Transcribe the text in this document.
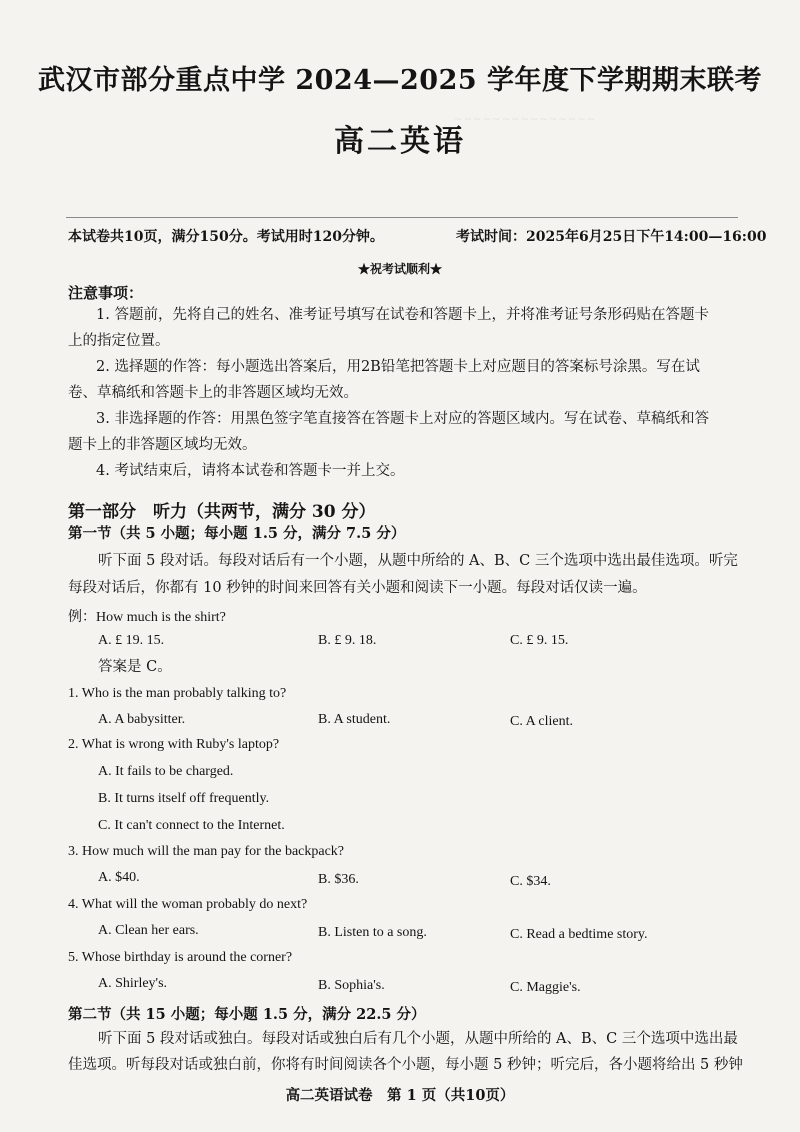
~ ~ ~ ~ ~ ~ ~ ~ ~ ~ ~ ~ ~ ~ ~
武汉市部分重点中学 2024—2025 学年度下学期期末联考
高二英语
本试卷共10页，满分150分。考试用时120分钟。	考试时间：2025年6月25日下午14:00—16:00
★祝考试顺利★
注意事项：
1. 答题前，先将自己的姓名、准考证号填写在试卷和答题卡上，并将准考证号条形码贴在答题卡
上的指定位置。
2. 选择题的作答：每小题选出答案后，用2B铅笔把答题卡上对应题目的答案标号涂黑。写在试
卷、草稿纸和答题卡上的非答题区域均无效。
3. 非选择题的作答：用黑色签字笔直接答在答题卡上对应的答题区域内。写在试卷、草稿纸和答
题卡上的非答题区域均无效。
4. 考试结束后，请将本试卷和答题卡一并上交。
第一部分　听力（共两节，满分 30 分）
第一节（共 5 小题；每小题 1.5 分，满分 7.5 分）
听下面 5 段对话。每段对话后有一个小题，从题中所给的 A、B、C 三个选项中选出最佳选项。听完
每段对话后，你都有 10 秒钟的时间来回答有关小题和阅读下一小题。每段对话仅读一遍。
例：How much is the shirt?
A. £ 19. 15.	B. £ 9. 18.	C. £ 9. 15.
答案是 C。
1. Who is the man probably talking to?
A. A babysitter.	B. A student.	C. A client.
2. What is wrong with Ruby's laptop?
A. It fails to be charged.
B. It turns itself off frequently.
C. It can't connect to the Internet.
3. How much will the man pay for the backpack?
A. $40.	B. $36.	C. $34.
4. What will the woman probably do next?
A. Clean her ears.	B. Listen to a song.	C. Read a bedtime story.
5. Whose birthday is around the corner?
A. Shirley's.	B. Sophia's.	C. Maggie's.
第二节（共 15 小题；每小题 1.5 分，满分 22.5 分）
听下面 5 段对话或独白。每段对话或独白后有几个小题，从题中所给的 A、B、C 三个选项中选出最
佳选项。听每段对话或独白前，你将有时间阅读各个小题，每小题 5 秒钟；听完后，各小题将给出 5 秒钟
高二英语试卷　第 1 页（共10页）
